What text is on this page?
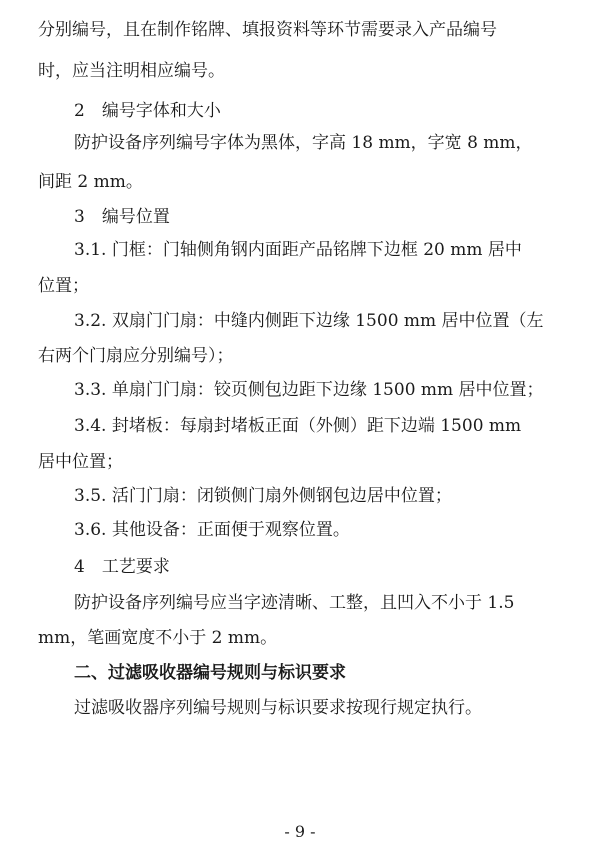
分别编号，且在制作铭牌、填报资料等环节需要录入产品编号
时，应当注明相应编号。
2　编号字体和大小
防护设备序列编号字体为黑体，字高 18 mm，字宽 8 mm，
间距 2 mm。
3　编号位置
3.1. 门框：门轴侧角钢内面距产品铭牌下边框 20 mm 居中
位置；
3.2. 双扇门门扇：中缝内侧距下边缘 1500 mm 居中位置（左
右两个门扇应分别编号）；
3.3. 单扇门门扇：铰页侧包边距下边缘 1500 mm 居中位置；
3.4. 封堵板：每扇封堵板正面（外侧）距下边端 1500 mm
居中位置；
3.5. 活门门扇：闭锁侧门扇外侧钢包边居中位置；
3.6. 其他设备：正面便于观察位置。
4　工艺要求
防护设备序列编号应当字迹清晰、工整，且凹入不小于 1.5
mm，笔画宽度不小于 2 mm。
二、过滤吸收器编号规则与标识要求
过滤吸收器序列编号规则与标识要求按现行规定执行。
- 9 -
